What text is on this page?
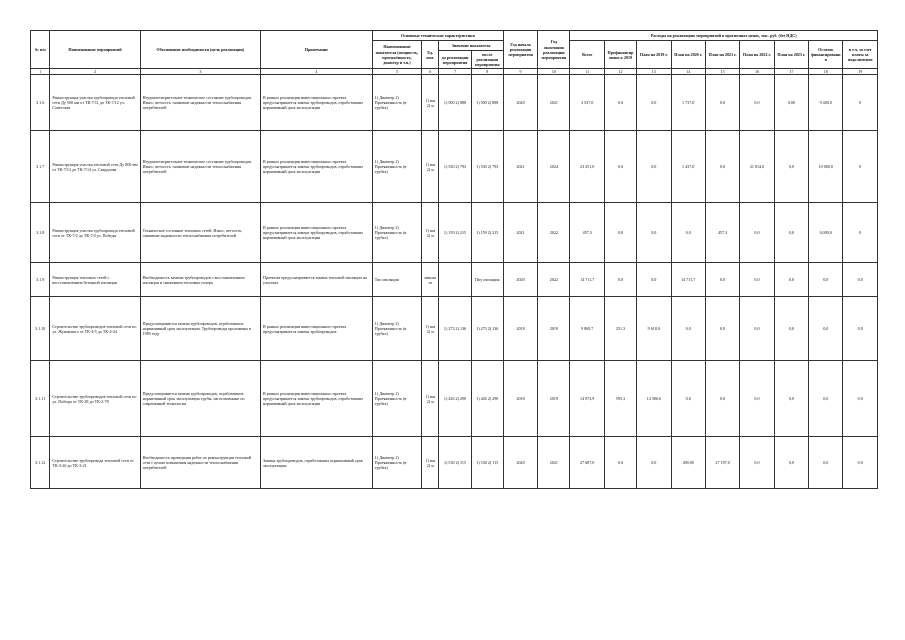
№ п/п	Наименование мероприятий	Обоснование необходимости (цель реализации)	Примечание	Основные технические характеристики				Год начала реализации мероприятия	Год окончания реализации мероприятия	Расходы на реализацию мероприятий в прогнозных ценах, тыс. руб. (без НДС)								
				Наименование показателя (мощность, протяжённость, диаметр и т.п.)	Ед. изм.	Значение показателя				Всего	Профинансировано к 2019	План на 2019 г.	План на 2020 г.	План на 2021 г.	План на 2022 г.	План на 2023 г.	Остаток финансирования	в т.ч. за счет платы за подключение
						до реализации мероприятия	после реализации мероприятия											
1	2	3	4	5	6	7	8	9	10	11	12	13	14	15	16	17	18	19
3.1.6	Реконструкция участка трубопровода тепловой сети Ду 500 мм от ТК-7/11 до ТК-7/12 ул. Советская	Неудовлетворительное техническое состояние трубопроводов. Износ, ветхость, снижение надежности теплоснабжения потребителей	В рамках реализации инвестиционного проекта предусматривается замена трубопроводов, отработавших нормативный срок эксплуатации	1) Диаметр 2) Протяженность (в трубах)	1) мм 2) м	1) 500 2) 888	1) 500 2) 888	2020	2021	3 537,0	0,0	0,0	1 737,0	0,0	0,0	0,00	9 400,0	0
3.1.7	Реконструкция участка тепловой сети Ду 800 мм от ТК-7/13 до ТК-7/14 ул. Свердлова	Неудовлетворительное техническое состояние трубопроводов. Износ, ветхость, снижение надежности теплоснабжения потребителей	В рамках реализации инвестиционного проекта предусматривается замена трубопроводов, отработавших нормативный срок эксплуатации	1) Диаметр 2) Протяженность (в трубах)	1) мм 2) м	1) 530 2) 793	1) 530 2) 793	2021	2024	23 251,0	0,0	0,0	1 437,0	0,0	21 814,0	0,0	10 000,0	0
3.1.8	Реконструкция участка трубопровода тепловой сети от ТК-7/2 до ТК-7/4 ул. Победы	Техническое состояние тепловых сетей. Износ, ветхость, снижение надежности теплоснабжения потребителей	В рамках реализации инвестиционного проекта предусматривается замена трубопроводов, отработавших нормативный срок эксплуатации	1) Диаметр 2) Протяженность (в трубах)	1) мм 2) м	1) 159 2) 215	1) 159 2) 215	2021	2022	457,3	0,0	0,0	0,0	457,3	0,0	0,0	0,000,0	0
3.1.9	Реконструкция тепловых сетей с восстановлением бетонной изоляции	Необходимость замены трубопроводов с восстановлением изоляции и снижением тепловых потерь	Проектом предусматривается замена тепловой изоляции на участках	Тип изоляции	мин.вата		Ппу изоляция	2020	2022	14 711,7	0,0	0,0	14 711,7	0,0	0,0	0,0	0,0	0,0
3.1.10	Строительство трубопроводов тепловой сети по ул. Жуковского от ТК-4-5 до ТК-4-24	Предусматривается замена трубопроводов, отработавших нормативный срок эксплуатации. Трубопроводы проложены в 1985 году	В рамках реализации инвестиционного проекта предусматривается замена трубопроводов	1) Диаметр 2) Протяженность (в трубах)	1) мм 2) м	1) 273 2) 136	1) 273 2) 136	2018	2019	9 869,7	251,3	9 618,0	0,0	0,0	0,0	0,0	0,0	0,0
3.1.11	Строительство трубопроводов тепловой сети по ул. Победы от ТК-28 до ТК-2-78	Предусматривается замена трубопроводов, отработавших нормативный срок эксплуатации трубы, изготовленные по современной технологии	В рамках реализации инвестиционного проекта предусматривается замена трубопроводов, отработавших нормативный срок эксплуатации	1) Диаметр 2) Протяженность (в трубах)	1) мм 2) м	1) 426 2) 290	1) 426 2) 290	2018	2019	14 973,9	595,3	14 386,6	0,0	0,0	0,0	0,0	0,0	0,0
3.1.12	Строительство трубопровода тепловой сети от ТК-3-26 до ТК-3-21	Необходимость проведения работ по реконструкции тепловой сети с целью повышения надежности теплоснабжения потребителей	Замена трубопроводов, отработавших нормативный срок эксплуатации	1) Диаметр 2) Протяженность (в трубах)	1) мм 2) м	1) 530 2) 115	1) 530 2) 115	2020	2021	27 687,0	0,0	0,0	490,00	27 197,0	0,0	0,0	0,0	0,0
